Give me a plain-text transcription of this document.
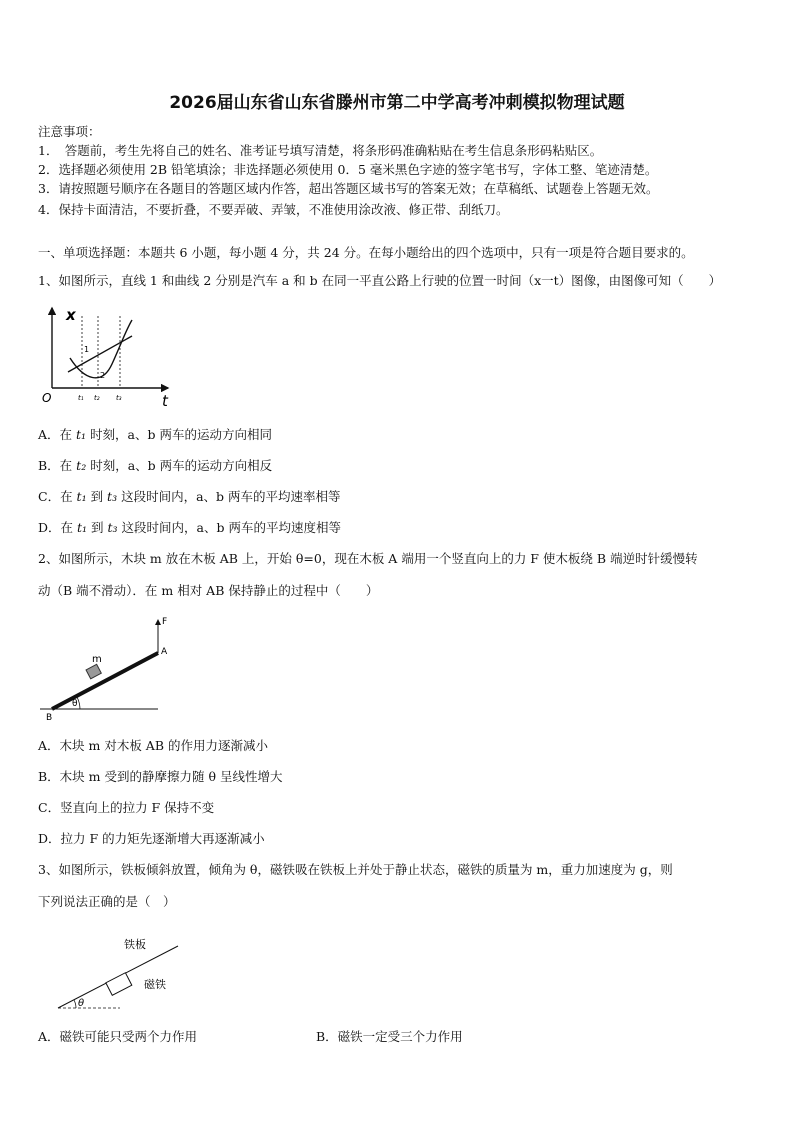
2026届山东省山东省滕州市第二中学高考冲刺模拟物理试题
注意事项：
1．　答题前，考生先将自己的姓名、准考证号填写清楚，将条形码准确粘贴在考生信息条形码粘贴区。
2．选择题必须使用 2B 铅笔填涂；非选择题必须使用 0．5 毫米黑色字迹的签字笔书写，字体工整、笔迹清楚。
3．请按照题号顺序在各题目的答题区域内作答，超出答题区域书写的答案无效；在草稿纸、试题卷上答题无效。
4．保持卡面清洁，不要折叠，不要弄破、弄皱，不准使用涂改液、修正带、刮纸刀。
一、单项选择题：本题共 6 小题，每小题 4 分，共 24 分。在每小题给出的四个选项中，只有一项是符合题目要求的。
1、如图所示，直线 1 和曲线 2 分别是汽车 a 和 b 在同一平直公路上行驶的位置一时间（x一t）图像，由图像可知（　　）
x
O	t
1
2
t₁ t₂ t₃
A．在 t₁ 时刻，a、b 两车的运动方向相同
B．在 t₂ 时刻，a、b 两车的运动方向相反
C．在 t₁ 到 t₃ 这段时间内，a、b 两车的平均速率相等
D．在 t₁ 到 t₃ 这段时间内，a、b 两车的平均速度相等
2、如图所示，木块 m 放在木板 AB 上，开始 θ=0，现在木板 A 端用一个竖直向上的力 F 使木板绕 B 端逆时针缓慢转
动（B 端不滑动）．在 m 相对 AB 保持静止的过程中（　　）
F
A
B
m
θ
A．木块 m 对木板 AB 的作用力逐渐减小
B．木块 m 受到的静摩擦力随 θ 呈线性增大
C．竖直向上的拉力 F 保持不变
D．拉力 F 的力矩先逐渐增大再逐渐减小
3、如图所示，铁板倾斜放置，倾角为 θ，磁铁吸在铁板上并处于静止状态，磁铁的质量为 m，重力加速度为 g，则
下列说法正确的是（　）
铁板
磁铁
θ
A．磁铁可能只受两个力作用	B．磁铁一定受三个力作用
